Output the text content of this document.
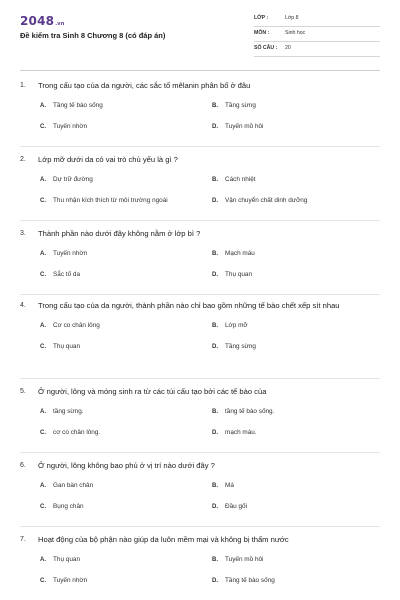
2048.vn
Đề kiểm tra Sinh 8 Chương 8 (có đáp án)
LỚP :	Lớp 8
MÔN :	Sinh học
SỐ CÂU : 20
1.	Trong cấu tạo của da người, các sắc tố mêlanin phân bố ở đâu
A. Tầng tế bào sống	B. Tầng sừng
C. Tuyến nhờn	D. Tuyến mồ hôi
2.	Lớp mỡ dưới da có vai trò chủ yếu là gì ?
A. Dự trữ đường	B. Cách nhiệt
C. Thu nhận kích thích từ môi trường ngoài	D. Vận chuyển chất dinh dưỡng
3.	Thành phần nào dưới đây không nằm ở lớp bì ?
A. Tuyến nhờn	B. Mạch máu
C. Sắc tố da	D. Thụ quan
4.	Trong cấu tạo của da người, thành phần nào chỉ bao gồm những tế bào chết xếp sít nhau
A. Cơ co chân lông	B. Lớp mỡ
C. Thụ quan	D. Tầng sừng
5.	Ở người, lông và móng sinh ra từ các túi cấu tạo bởi các tế bào của
A. tầng sừng.	B. tầng tế bào sống.
C. cơ co chân lông.	D. mạch máu.
6.	Ở người, lông không bao phủ ở vị trí nào dưới đây ?
A. Gan bàn chân	B. Má
C. Bụng chân	D. Đầu gối
7.	Hoạt động của bộ phận nào giúp da luôn mềm mại và không bị thấm nước
A. Thụ quan	B. Tuyến mồ hôi
C. Tuyến nhờn	D. Tầng tế bào sống
